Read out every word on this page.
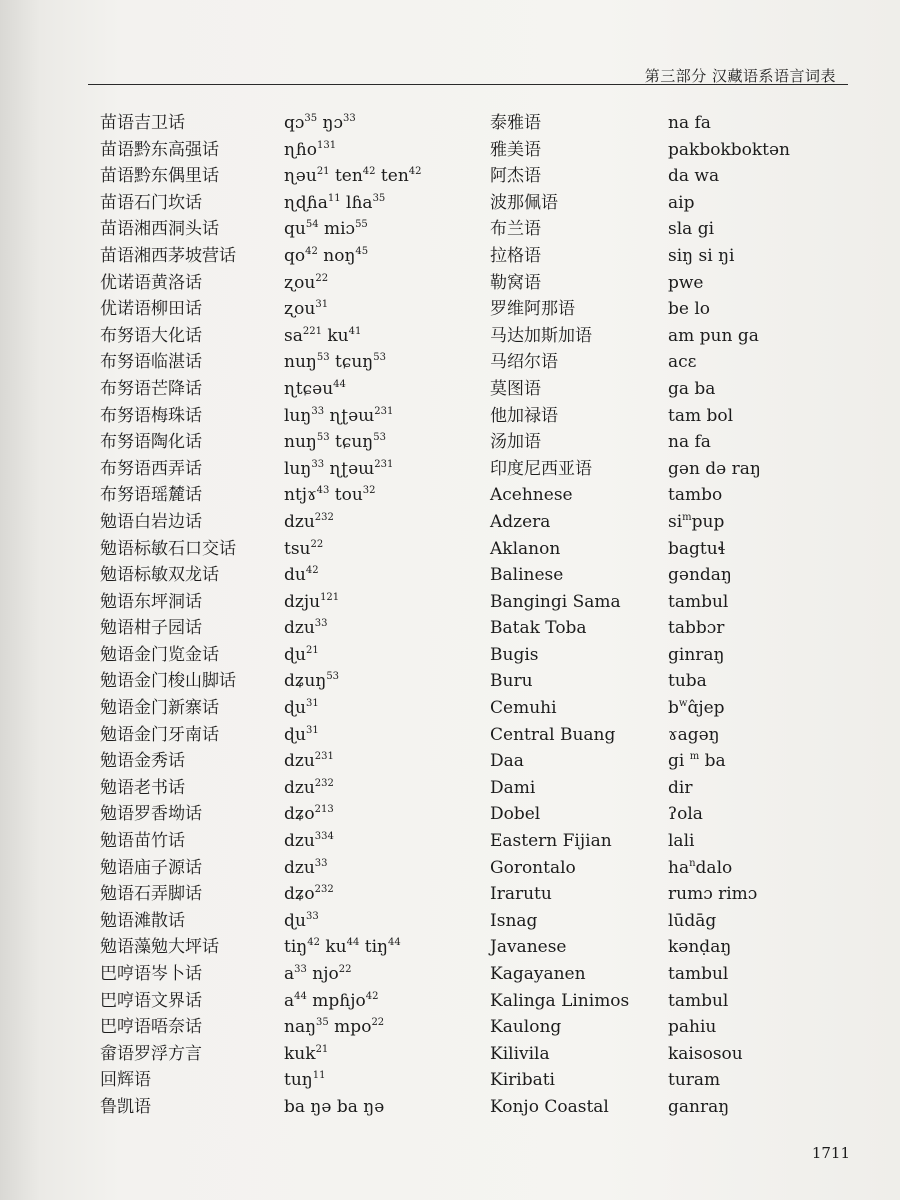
第三部分 汉藏语系语言词表
苗语吉卫话
苗语黔东高强话
苗语黔东偶里话
苗语石门坎话
苗语湘西洞头话
苗语湘西茅坡营话
优诺语黄洛话
优诺语柳田话
布努语大化话
布努语临湛话
布努语芒降话
布努语梅珠话
布努语陶化话
布努语西弄话
布努语瑶麓话
勉语白岩边话
勉语标敏石口交话
勉语标敏双龙话
勉语东坪洞话
勉语柑子园话
勉语金门览金话
勉语金门梭山脚话
勉语金门新寨话
勉语金门牙南话
勉语金秀话
勉语老书话
勉语罗香坳话
勉语苗竹话
勉语庙子源话
勉语石弄脚话
勉语滩散话
勉语藻勉大坪话
巴哼语岑卜话
巴哼语文界话
巴哼语唔奈话
畲语罗浮方言
回辉语
鲁凯语
qɔ$^{35}$ ŋɔ$^{33}$
ɳɦo$^{131}$
ɳəu$^{21}$ ten$^{42}$ ten$^{42}$
ɳɖɦa$^{11}$ lɦa$^{35}$
$qu^{54}$ miɔ$^{55}$
$qo^{42}$ noŋ$^{45}$
ʐou$^{22}$
ʐou$^{31}$
$sa^{221}$ $ku^{41}$
nuŋ$^{53}$ tɕuŋ$^{53}$
ɳtɕəu$^{44}$
luŋ$^{33}$ ɳʈəɯ$^{231}$
nuŋ$^{53}$ tɕuŋ$^{53}$
luŋ$^{33}$ ɳʈəɯ$^{231}$
ntjɤ$^{43}$ tou$^{32}$
dzu$^{232}$
tsu$^{22}$
$du^{42}$
dzju$^{121}$
dzu$^{33}$
ɖu$^{21}$
dʑuŋ$^{53}$
ɖu$^{31}$
ɖu$^{31}$
dzu$^{231}$
dzu$^{232}$
dʑo$^{213}$
dzu$^{334}$
dzu$^{33}$
dʑo$^{232}$
ɖu$^{33}$
tiŋ$^{42}$ $ku^{44}$ tiŋ$^{44}$
$a^{33}$ njo$^{22}$
$a^{44}$ mpɦjo$^{42}$
naŋ$^{35}$ mpo$^{22}$
kuk$^{21}$
tuŋ$^{11}$
ba ŋə ba ŋə
泰雅语
雅美语
阿杰语
波那佩语
布兰语
拉格语
勒窝语
罗维阿那语
马达加斯加语
马绍尔语
莫图语
他加禄语
汤加语
印度尼西亚语
Acehnese
Adzera
Aklanon
Balinese
Bangingi Sama
Batak Toba
Bugis
Buru
Cemuhi
Central Buang
Daa
Dami
Dobel
Eastern Fijian
Gorontalo
Irarutu
Isnag
Javanese
Kagayanen
Kalinga Linimos
Kaulong
Kilivila
Kiribati
Konjo Coastal
na fa
pakbokboktən
da wa
aip
sla gi
siŋ si ŋi
pwe
be lo
am pun ga
acɛ
ga ba
tam bol
na fa
gən də raŋ
tambo
$si^mpup$
bagtuɬ
gəndaŋ
tambul
tabbɔr
ginraŋ
tuba
$b^wɑ̂jep$
ɤagəŋ
gi $^m$ ba
dir
ʔola
lali
$ha^ndalo$
rumɔ rimɔ
lūdāg
kənḍaŋ
tambul
tambul
pahiu
kaisosou
turam
ganraŋ
1711
